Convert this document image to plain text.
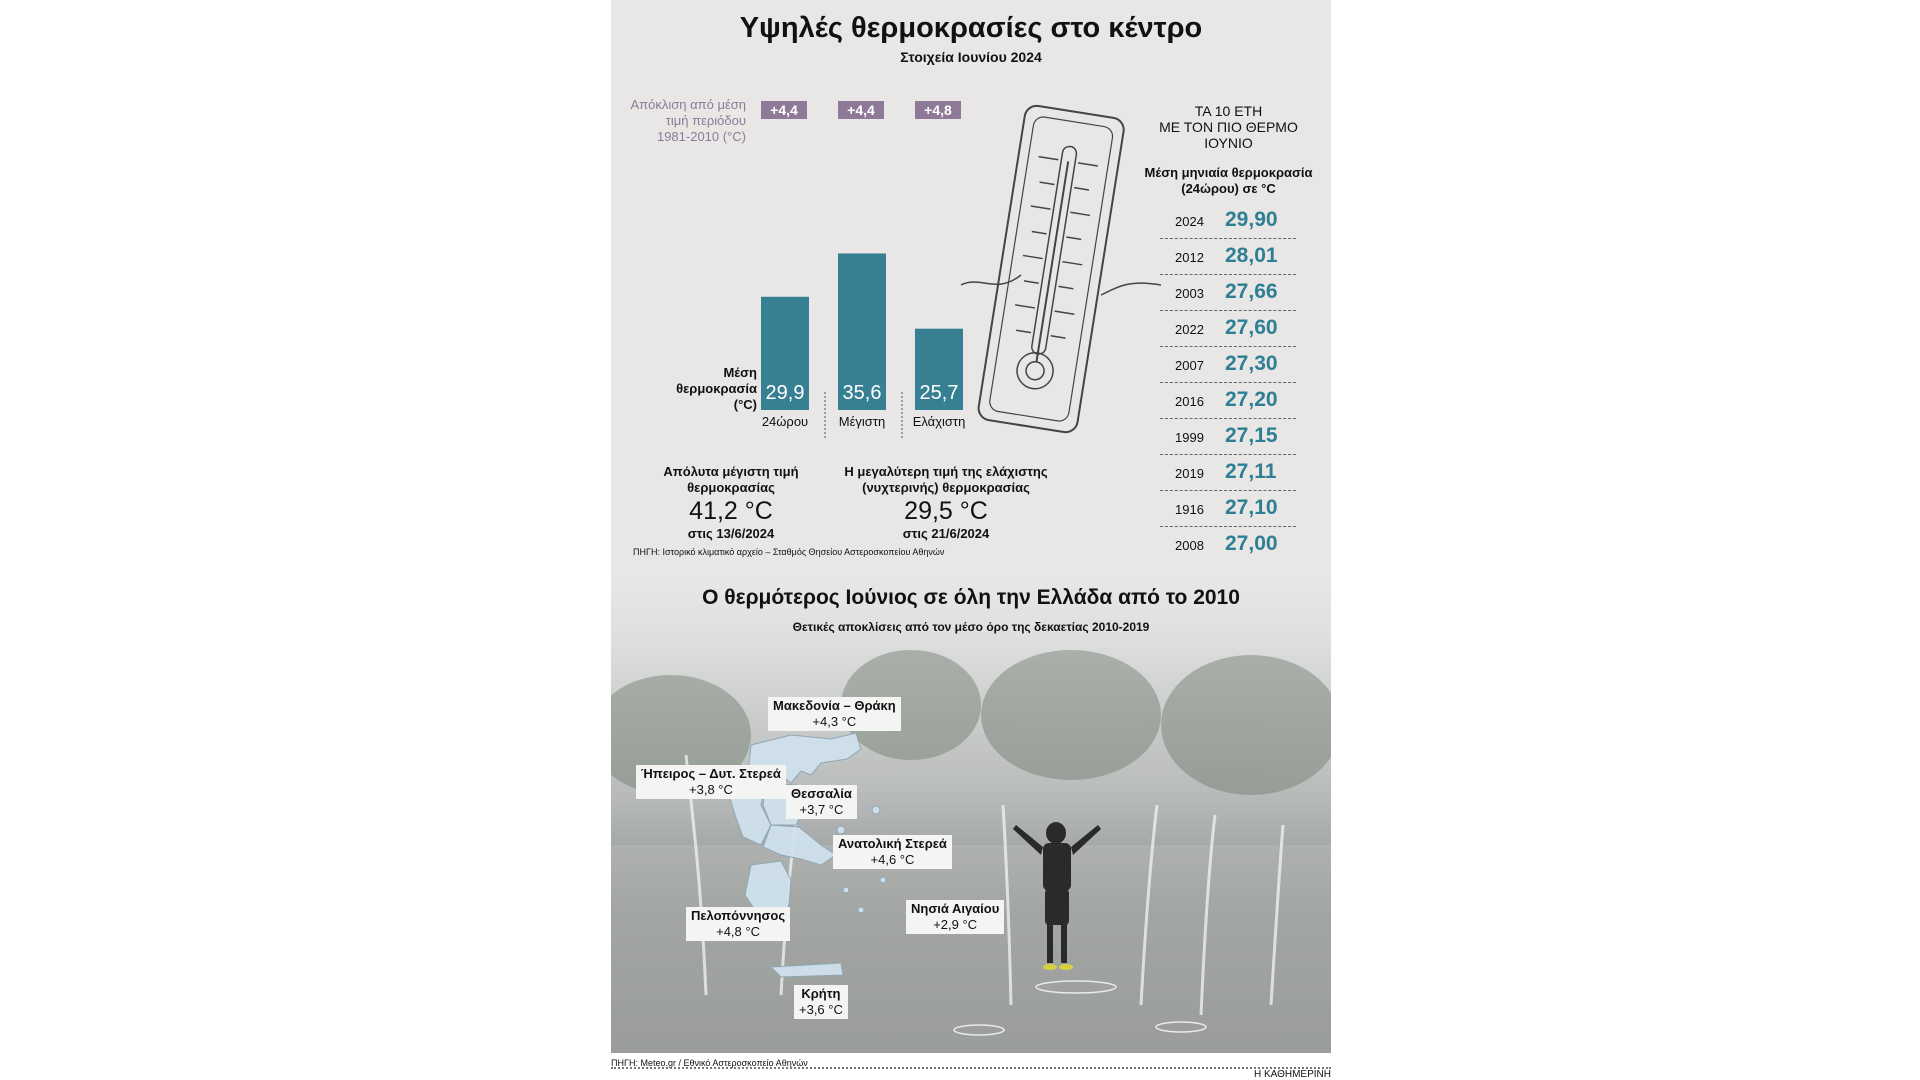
Υψηλές θερμοκρασίες στο κέντρο
Στοιχεία Ιουνίου 2024
Απόκλιση από μέση
τιμή περιόδου
1981-2010 (°C)
Μέση
θερμοκρασία
(°C)
+4,4	+4,4	+4,8
29,9 35,6 25,7
24ώρου	Μέγιστη	Ελάχιστη
ΤΑ 10 ΕΤΗ
ΜΕ ΤΟΝ ΠΙΟ ΘΕΡΜΟ
ΙΟΥΝΙΟ
Μέση μηνιαία θερμοκρασία
(24ώρου) σε °C
2024 29,90
2012 28,01
2003 27,66
2022 27,60
2007 27,30
2016 27,20
1999 27,15
2019 27,11
1916 27,10
2008 27,00
Απόλυτα μέγιστη τιμή
θερμοκρασίας
41,2 °C
στις 13/6/2024
Η μεγαλύτερη τιμή της ελάχιστης
(νυχτερινής) θερμοκρασίας
29,5 °C
στις 21/6/2024
ΠΗΓΗ: Ιστορικό κλιματικό αρχείο – Σταθμός Θησείου Αστεροσκοπείου Αθηνών
Ο θερμότερος Ιούνιος σε όλη την Ελλάδα από το 2010
Θετικές αποκλίσεις από τον μέσο όρο της δεκαετίας 2010-2019
Μακεδονία – Θράκη
+4,3 °C
Ήπειρος – Δυτ. Στερεά
+3,8 °C	Θεσσαλία
+3,7 °C
Ανατολική Στερεά
+4,6 °C
Πελοπόννησος
+4,8 °C
Νησιά Αιγαίου
+2,9 °C
Κρήτη
+3,6 °C
ΠΗΓΗ: Meteo.gr / Εθνικό Αστεροσκοπείο Αθηνών
Η ΚΑΘΗΜΕΡΙΝΗ
